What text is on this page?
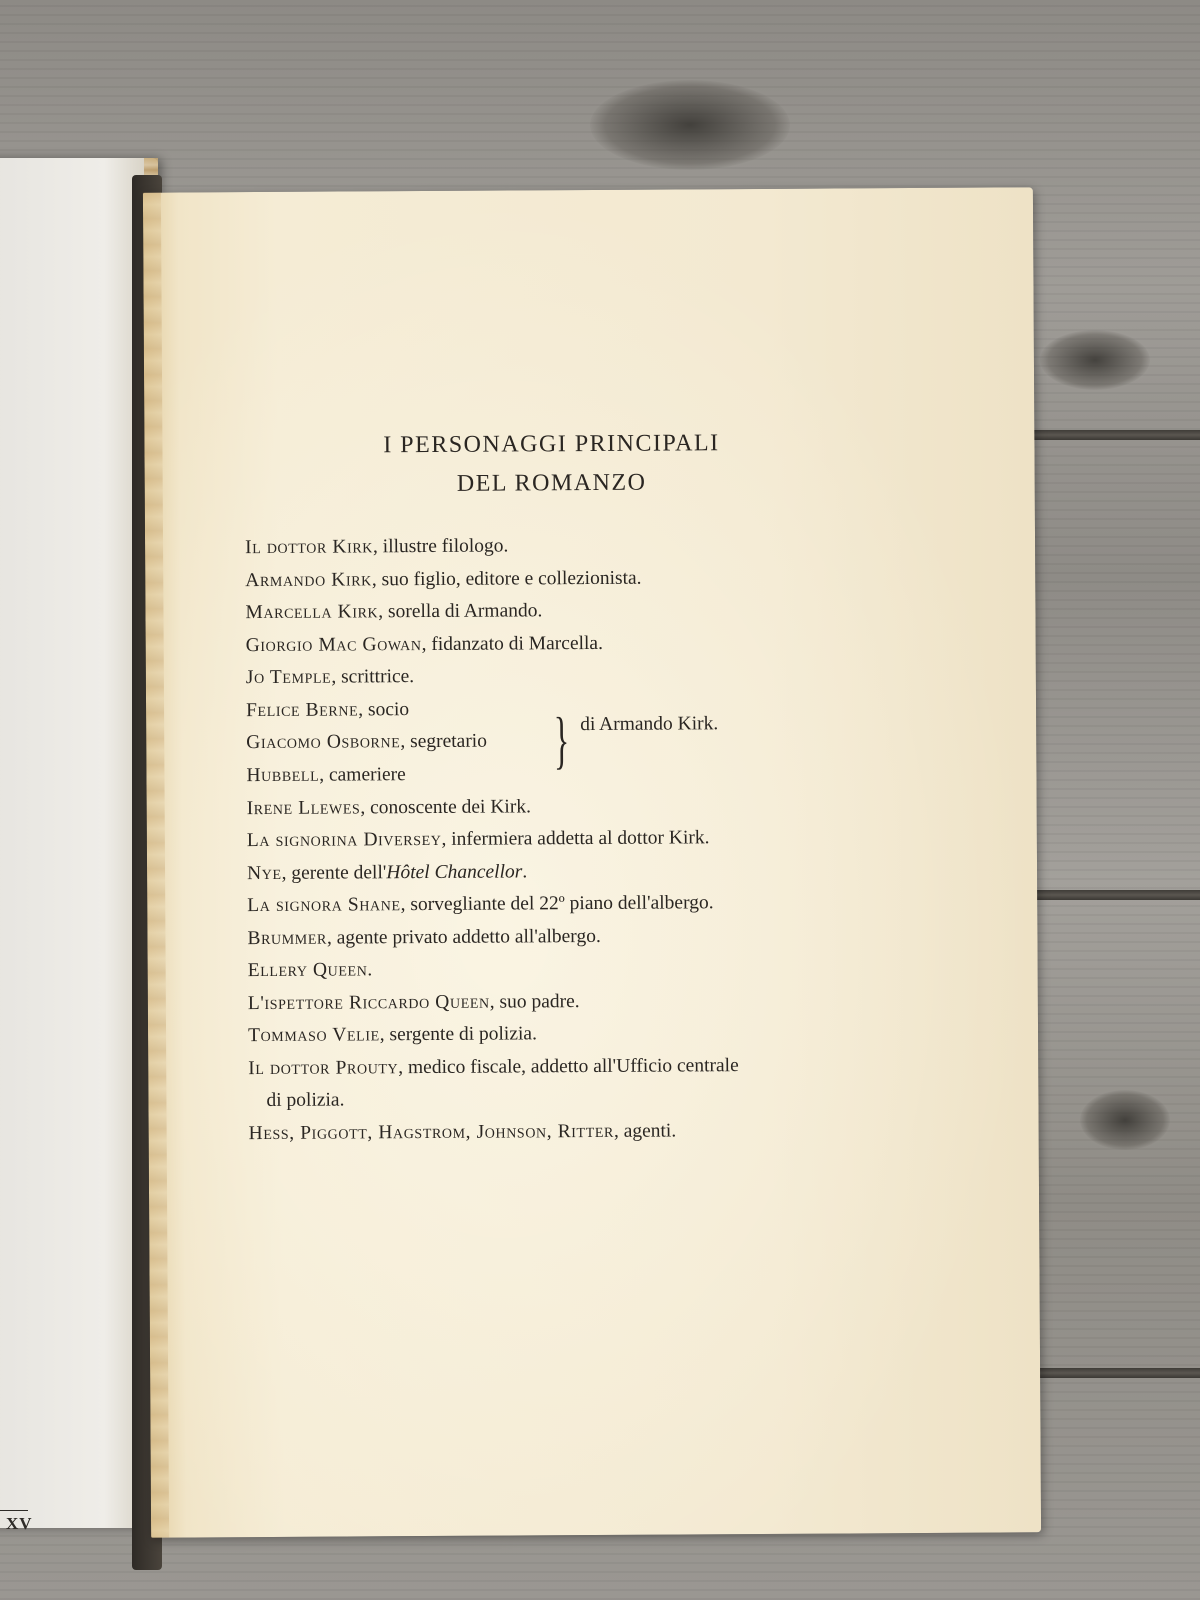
XV
I PERSONAGGI PRINCIPALI
DEL ROMANZO
Il dottor Kirk, illustre filologo.
Armando Kirk, suo figlio, editore e collezionista.
Marcella Kirk, sorella di Armando.
Giorgio Mac Gowan, fidanzato di Marcella.
Jo Temple, scrittrice.
Felice Berne, socio
Giacomo Osborne, segretario
Hubbell, cameriere	} di Armando Kirk.
Irene Llewes, conoscente dei Kirk.
La signorina Diversey, infermiera addetta al dottor Kirk.
Nye, gerente dell'Hôtel Chancellor.
La signora Shane, sorvegliante del 22º piano dell'albergo.
Brummer, agente privato addetto all'albergo.
Ellery Queen.
L'ispettore Riccardo Queen, suo padre.
Tommaso Velie, sergente di polizia.
Il dottor Prouty, medico fiscale, addetto all'Ufficio centrale
di polizia.
Hess, Piggott, Hagstrom, Johnson, Ritter, agenti.
